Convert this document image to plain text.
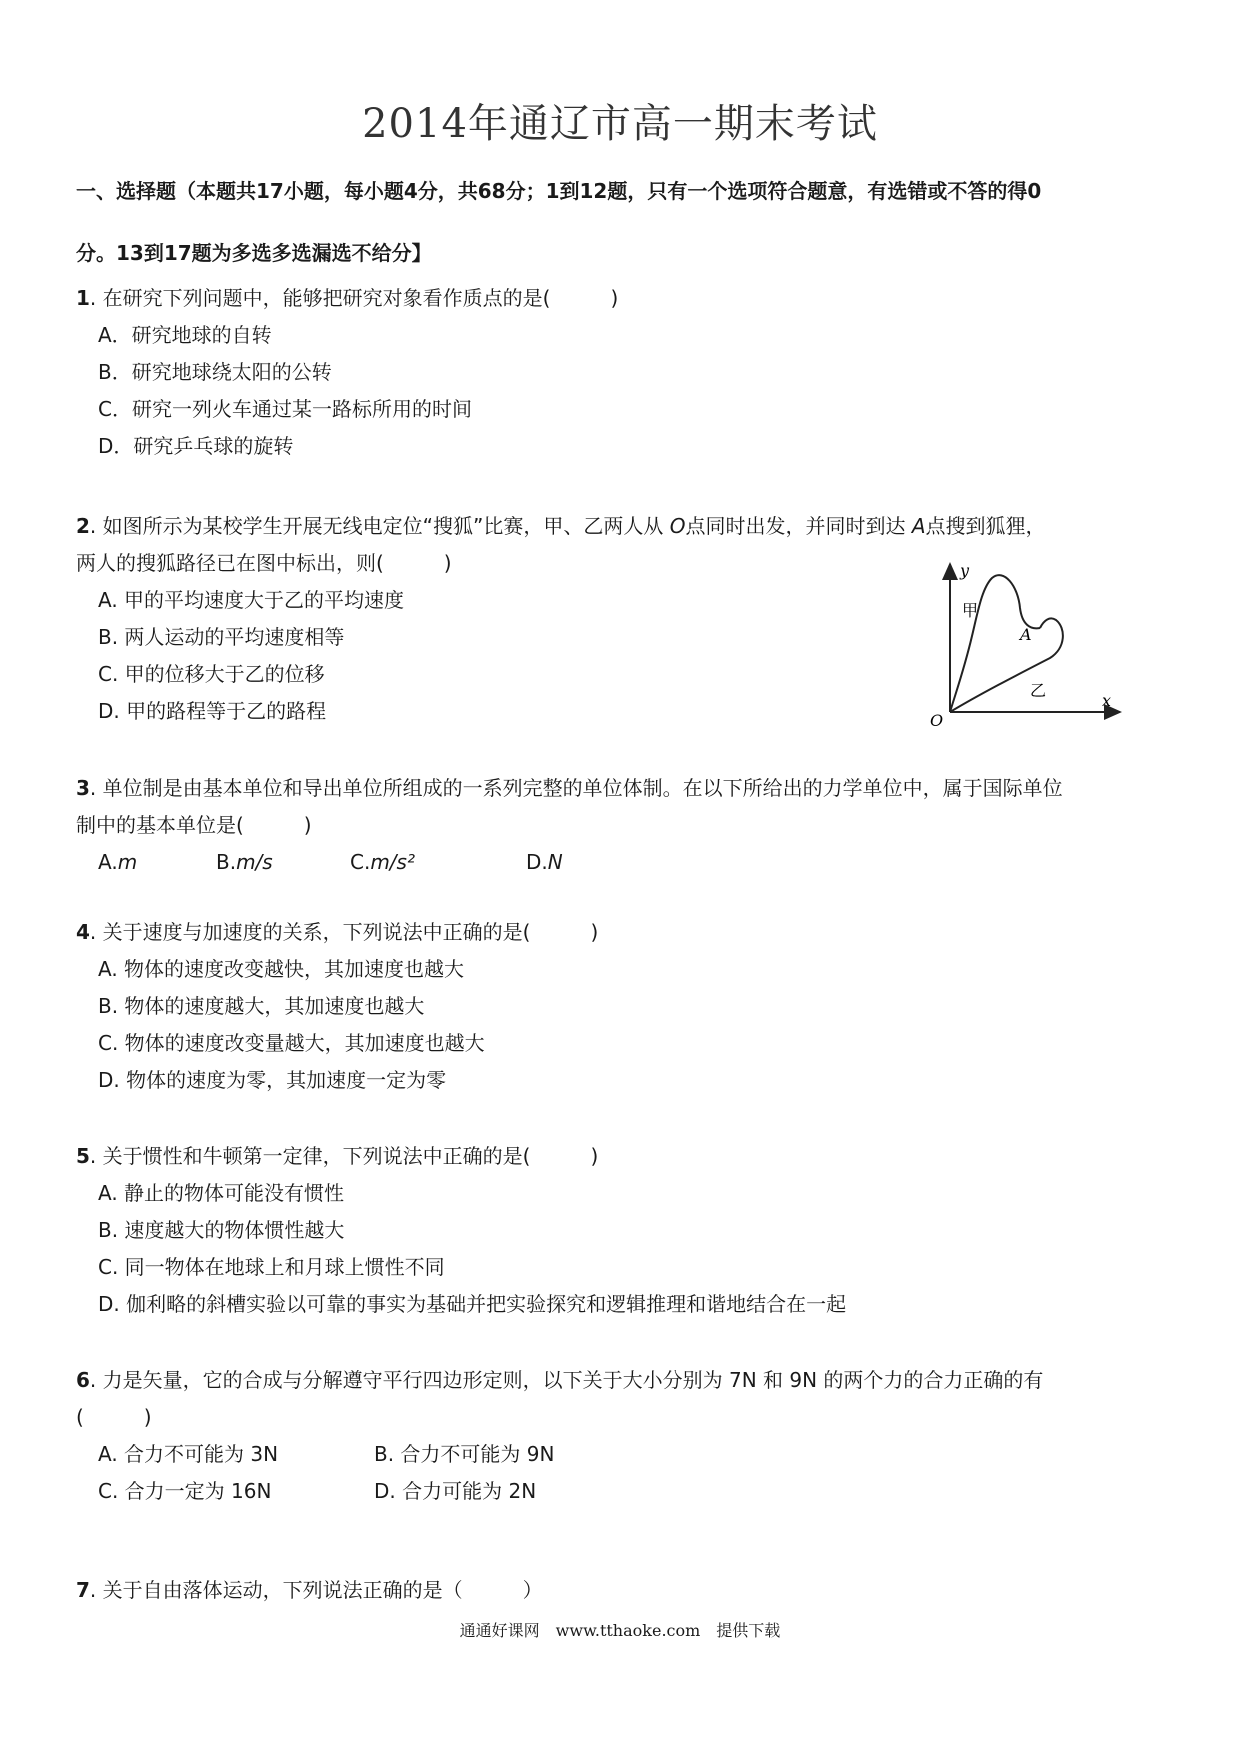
2014年通辽市高一期末考试
一、选择题（本题共17小题，每小题4分，共68分；1到12题，只有一个选项符合题意，有选错或不答的得0
分。13到17题为多选多选漏选不给分】
1. 在研究下列问题中，能够把研究对象看作质点的是(　　　)
A．研究地球的自转
B．研究地球绕太阳的公转
C．研究一列火车通过某一路标所用的时间
D．研究乒乓球的旋转
2. 如图所示为某校学生开展无线电定位“搜狐”比赛，甲、乙两人从 O点同时出发，并同时到达 A点搜到狐狸，
两人的搜狐路径已在图中标出，则(　　　)
A. 甲的平均速度大于乙的平均速度
B. 两人运动的平均速度相等
C. 甲的位移大于乙的位移
D. 甲的路程等于乙的路程
y
x
O
A
甲
乙
3. 单位制是由基本单位和导出单位所组成的一系列完整的单位体制。在以下所给出的力学单位中，属于国际单位
制中的基本单位是(　　　)
A.m	B.m/s	C.m/s²	D.N
4. 关于速度与加速度的关系，下列说法中正确的是(　　　)
A. 物体的速度改变越快，其加速度也越大
B. 物体的速度越大，其加速度也越大
C. 物体的速度改变量越大，其加速度也越大
D. 物体的速度为零，其加速度一定为零
5. 关于惯性和牛顿第一定律，下列说法中正确的是(　　　)
A. 静止的物体可能没有惯性
B. 速度越大的物体惯性越大
C. 同一物体在地球上和月球上惯性不同
D. 伽利略的斜槽实验以可靠的事实为基础并把实验探究和逻辑推理和谐地结合在一起
6. 力是矢量，它的合成与分解遵守平行四边形定则，以下关于大小分别为 7N 和 9N 的两个力的合力正确的有
(　　　)
A. 合力不可能为 3N	B. 合力不可能为 9N
C. 合力一定为 16N	D. 合力可能为 2N
7. 关于自由落体运动，下列说法正确的是（　　　）
通通好课网　www.tthaoke.com　提供下载
